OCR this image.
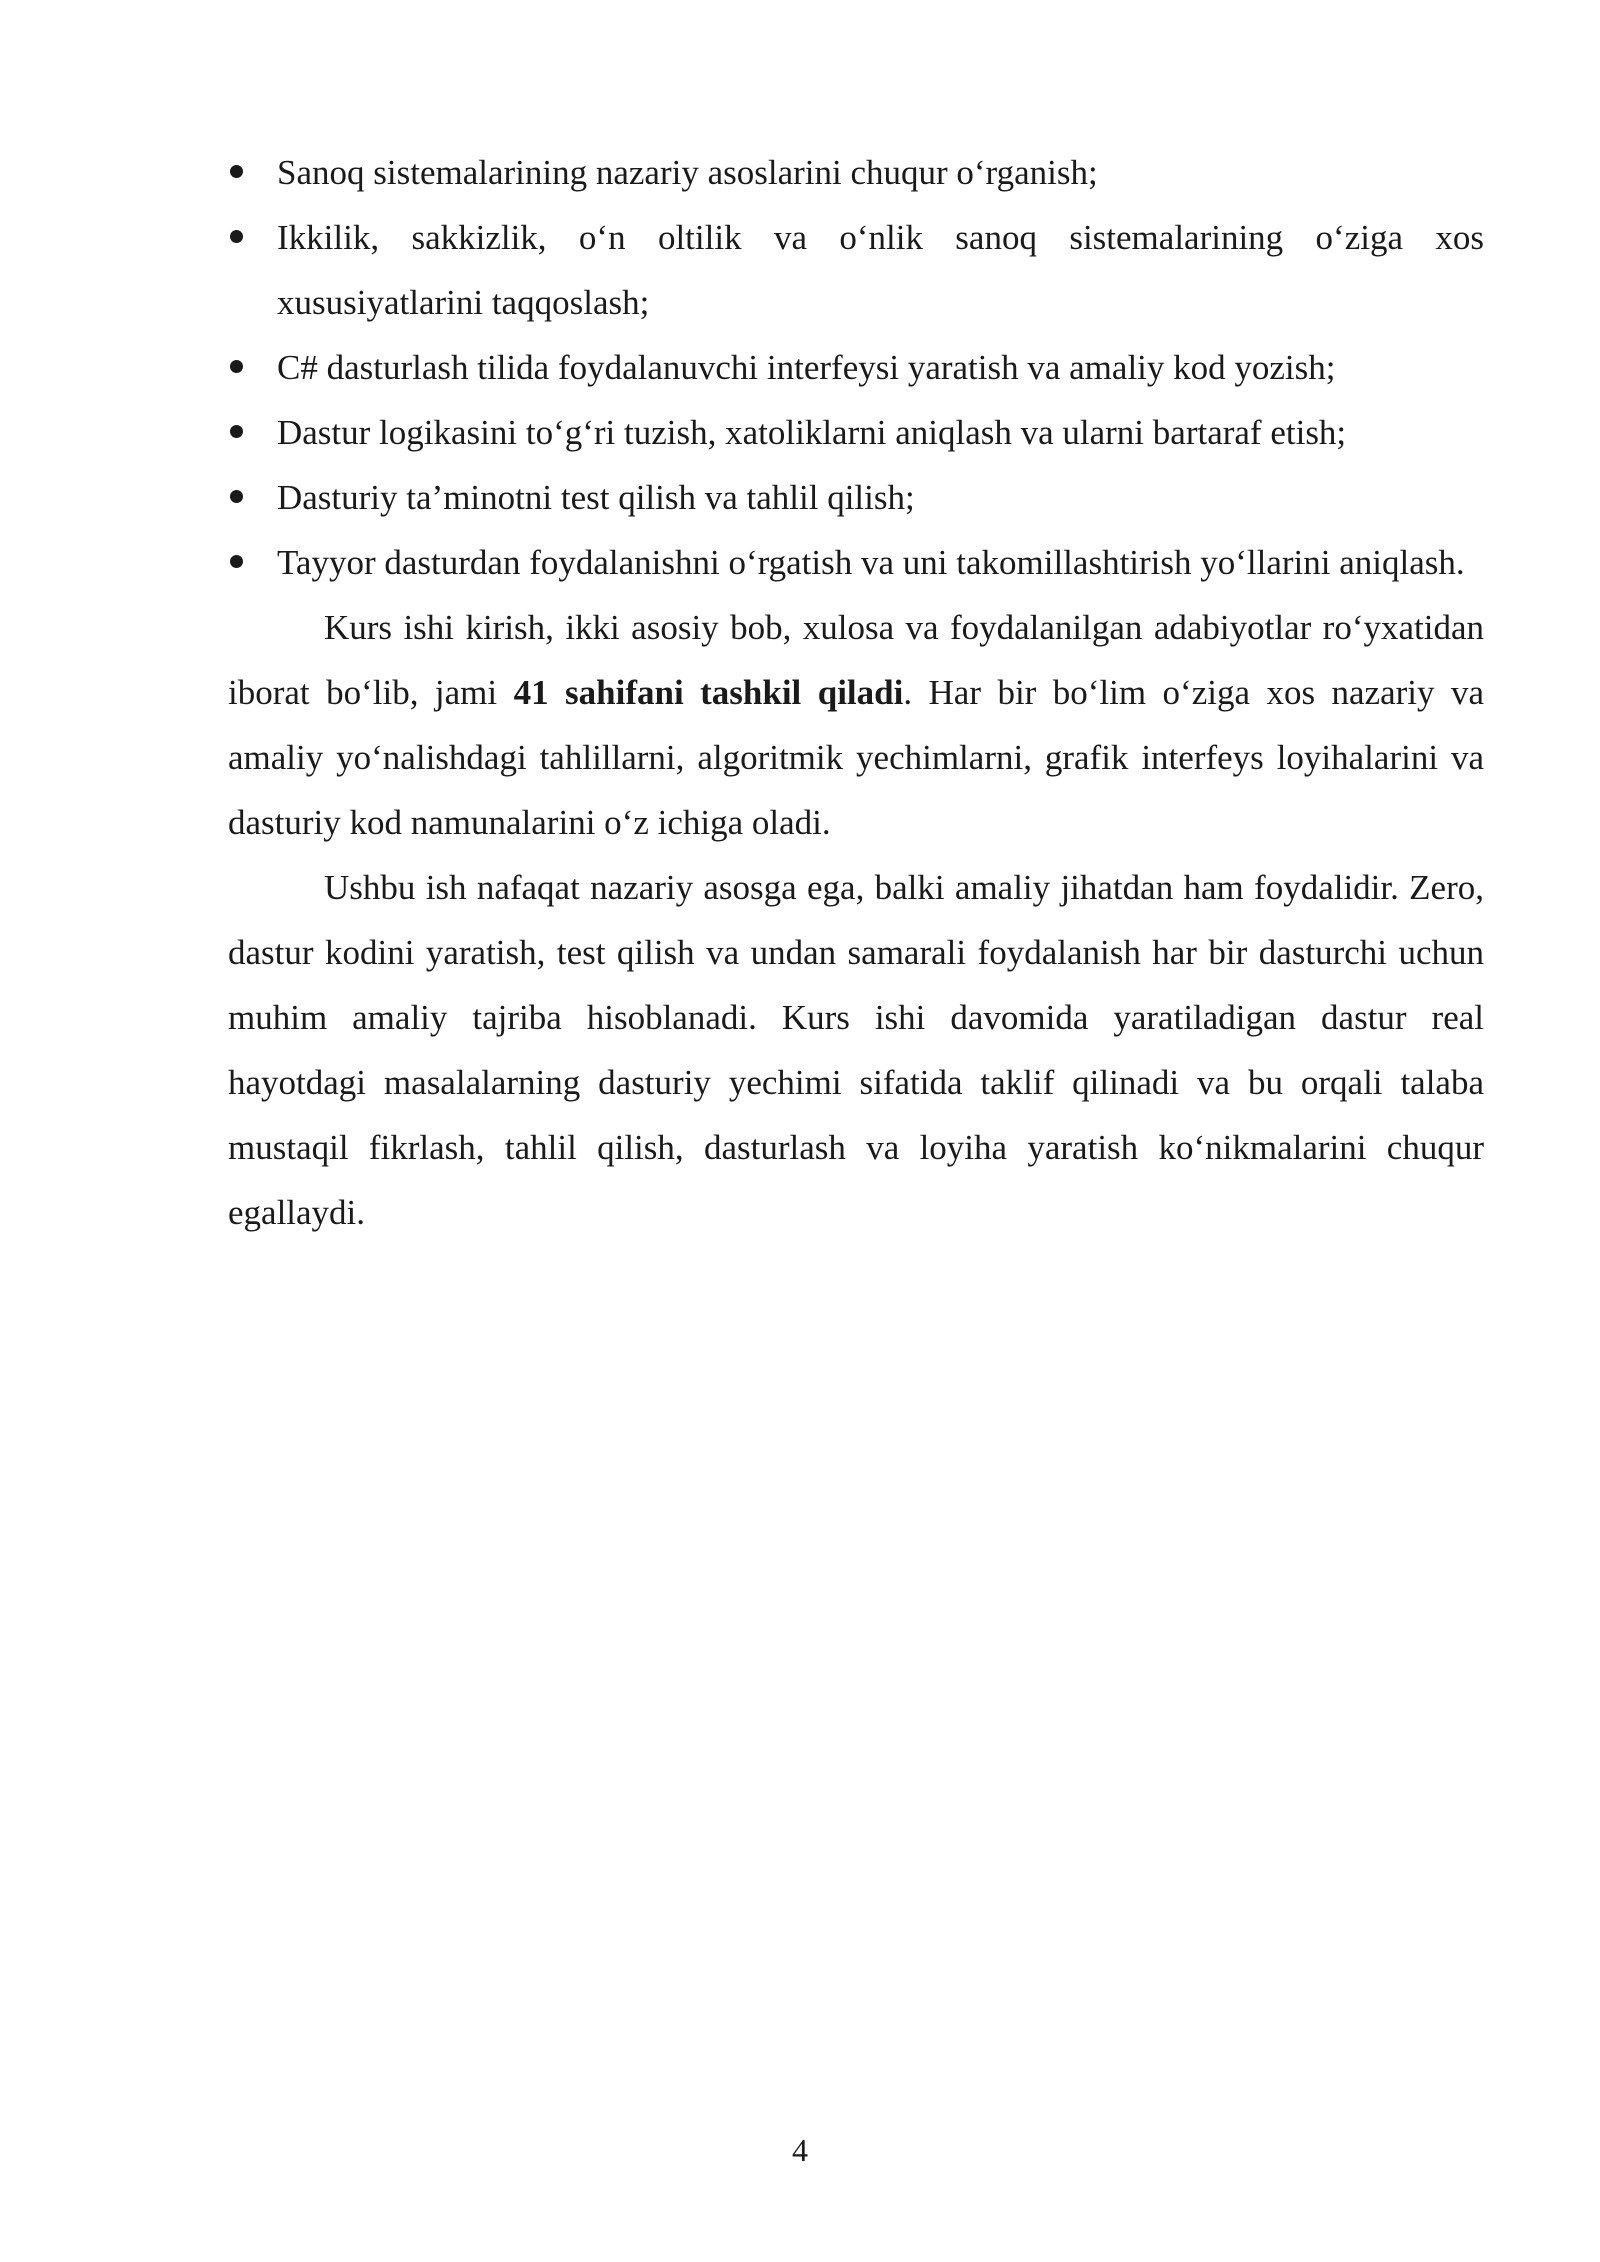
Sanoq sistemalarining nazariy asoslarini chuqur o‘rganish;
Ikkilik, sakkizlik, o‘n oltilik va o‘nlik sanoq sistemalarining o‘ziga xos xususiyatlarini taqqoslash;
C# dasturlash tilida foydalanuvchi interfeysi yaratish va amaliy kod yozish;
Dastur logikasini to‘g‘ri tuzish, xatoliklarni aniqlash va ularni bartaraf etish;
Dasturiy ta’minotni test qilish va tahlil qilish;
Tayyor dasturdan foydalanishni o‘rgatish va uni takomillashtirish yo‘llarini aniqlash.

Kurs ishi kirish, ikki asosiy bob, xulosa va foydalanilgan adabiyotlar ro‘yxatidan iborat bo‘lib, jami 41 sahifani tashkil qiladi. Har bir bo‘lim o‘ziga xos nazariy va amaliy yo‘nalishdagi tahlillarni, algoritmik yechimlarni, grafik interfeys loyihalarini va dasturiy kod namunalarini o‘z ichiga oladi.

Ushbu ish nafaqat nazariy asosga ega, balki amaliy jihatdan ham foydalidir. Zero, dastur kodini yaratish, test qilish va undan samarali foydalanish har bir dasturchi uchun muhim amaliy tajriba hisoblanadi. Kurs ishi davomida yaratiladigan dastur real hayotdagi masalalarning dasturiy yechimi sifatida taklif qilinadi va bu orqali talaba mustaqil fikrlash, tahlil qilish, dasturlash va loyiha yaratish ko‘nikmalarini chuqur egallaydi.

4
